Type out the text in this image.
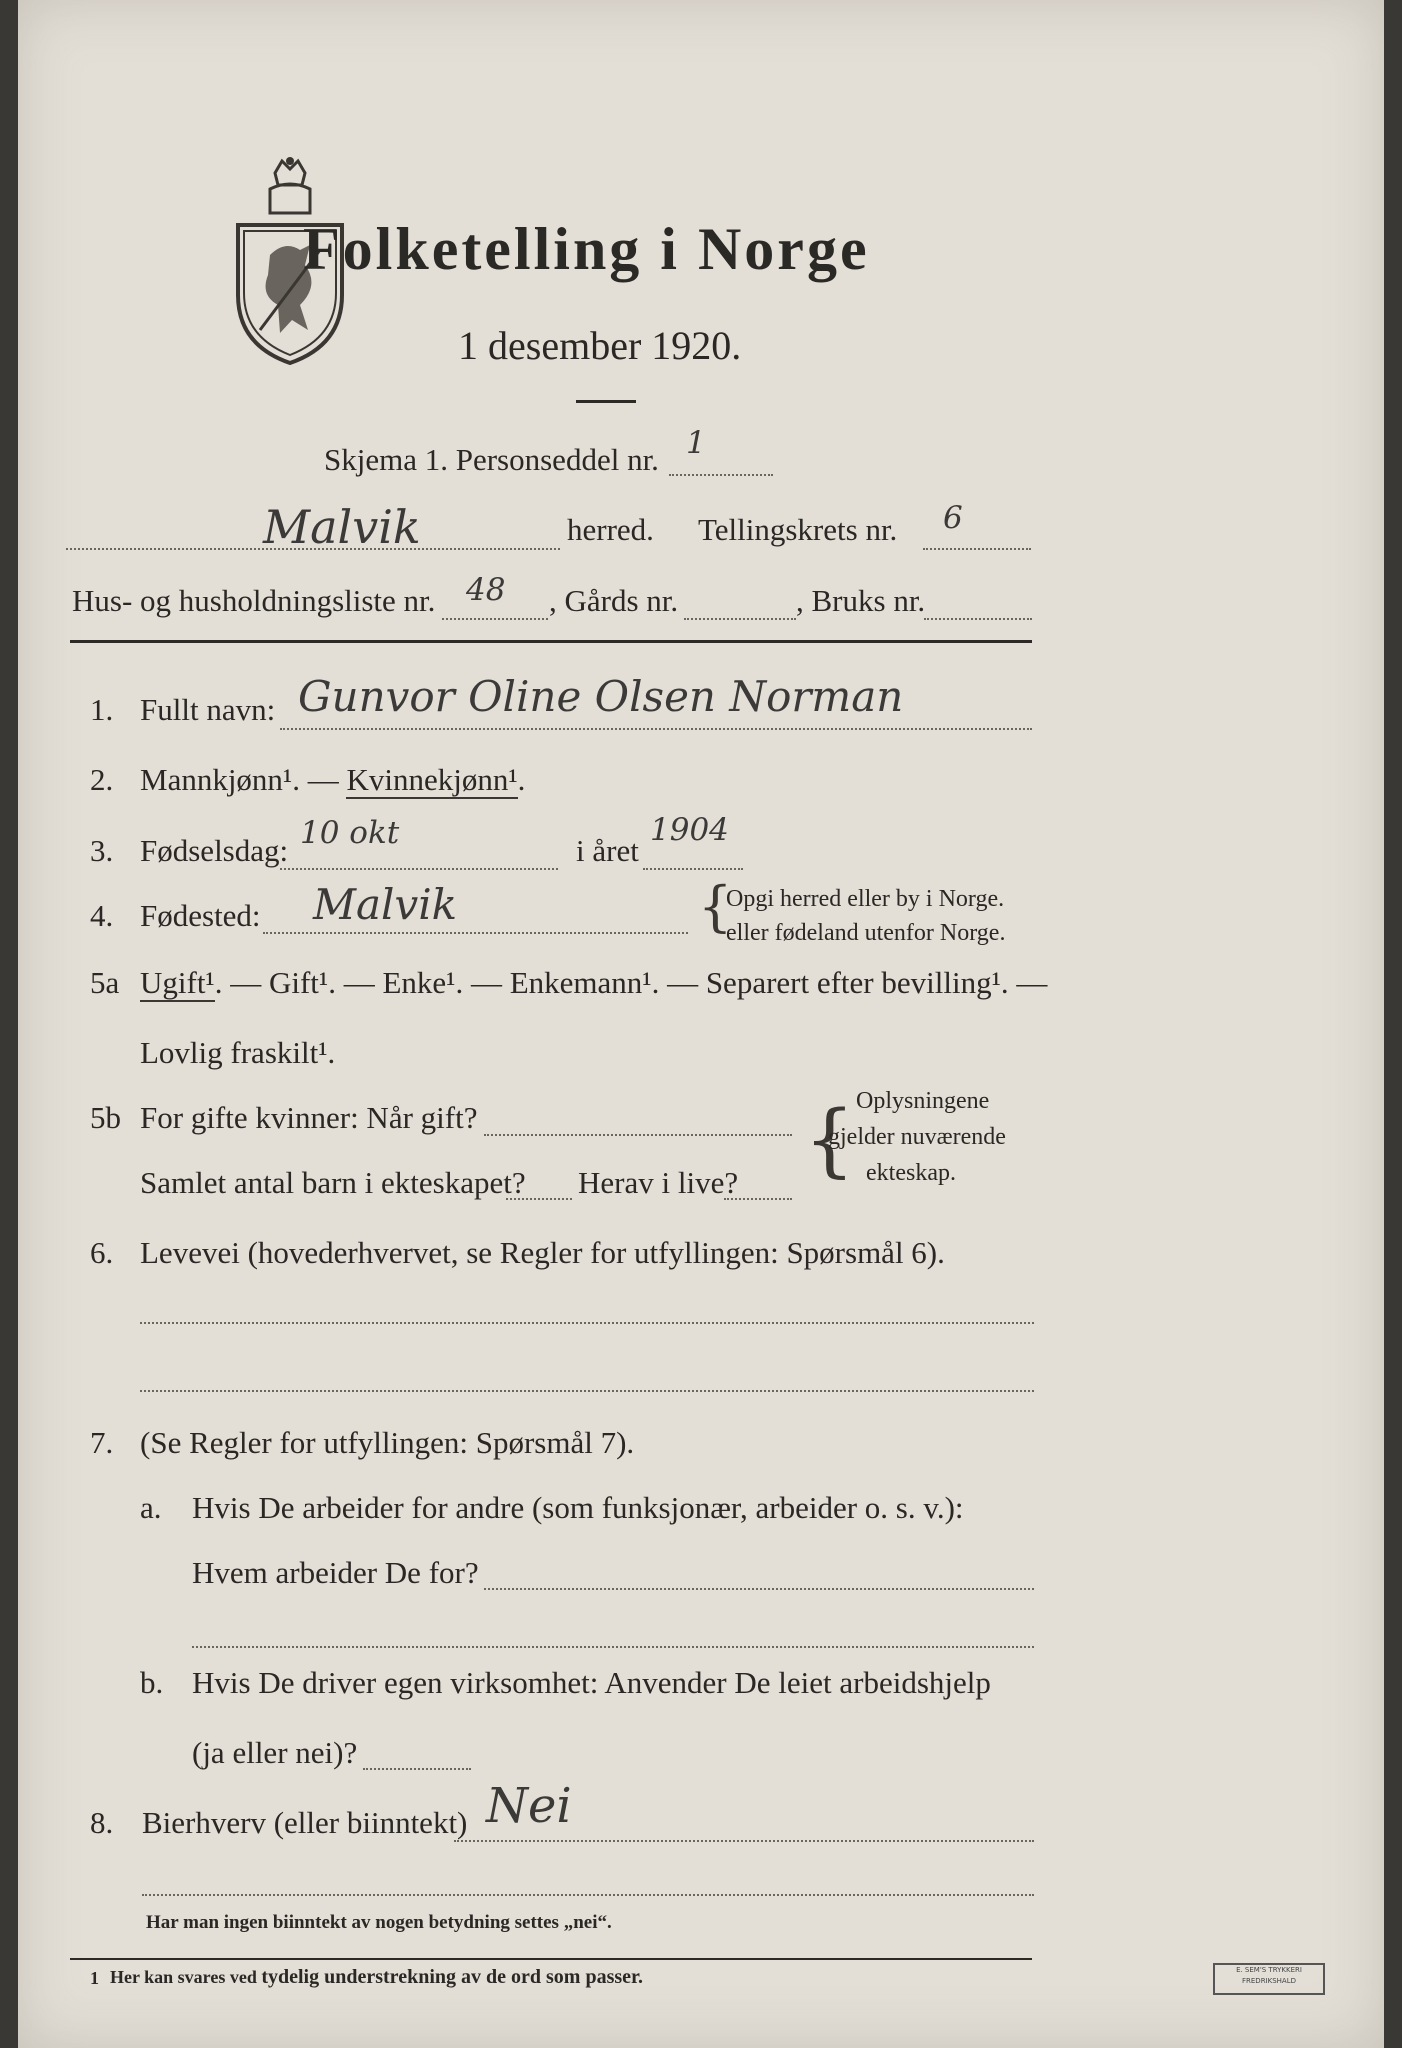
Folketelling i Norge
1 desember 1920.
Skjema 1. Personseddel nr. 1
Malvik	herred. Tellingskrets nr. 6
Hus- og husholdningsliste nr. 48 , Gårds nr.	, Bruks nr.
1. Fullt navn: Gunvor Oline Olsen Norman
2. Mannkjønn¹. — Kvinnekjønn¹.
3. Fødselsdag: 10 okt	i året
1904
4. Fødested: Malvik	{
Opgi herred eller by i Norge.
eller fødeland utenfor Norge.
5a Ugift¹. — Gift¹. — Enke¹. — Enkemann¹. — Separert efter bevilling¹. —
Lovlig fraskilt¹.
5b For gifte kvinner: Når gift?
Samlet antal barn i ekteskapet? Herav i live? { Oplysningene
gjelder nuværende
ekteskap.
6. Levevei (hovederhvervet, se Regler for utfyllingen: Spørsmål 6).
7. (Se Regler for utfyllingen: Spørsmål 7).
a. Hvis De arbeider for andre (som funksjonær, arbeider o. s. v.):
Hvem arbeider De for?
b. Hvis De driver egen virksomhet: Anvender De leiet arbeidshjelp
(ja eller nei)?
8. Bierhverv (eller biinntekt) Nei
Har man ingen biinntekt av nogen betydning settes „nei“.
1 Her kan svares ved tydelig understrekning av de ord som passer.	E. SEM'S TRYKKERI
FREDRIKSHALD
